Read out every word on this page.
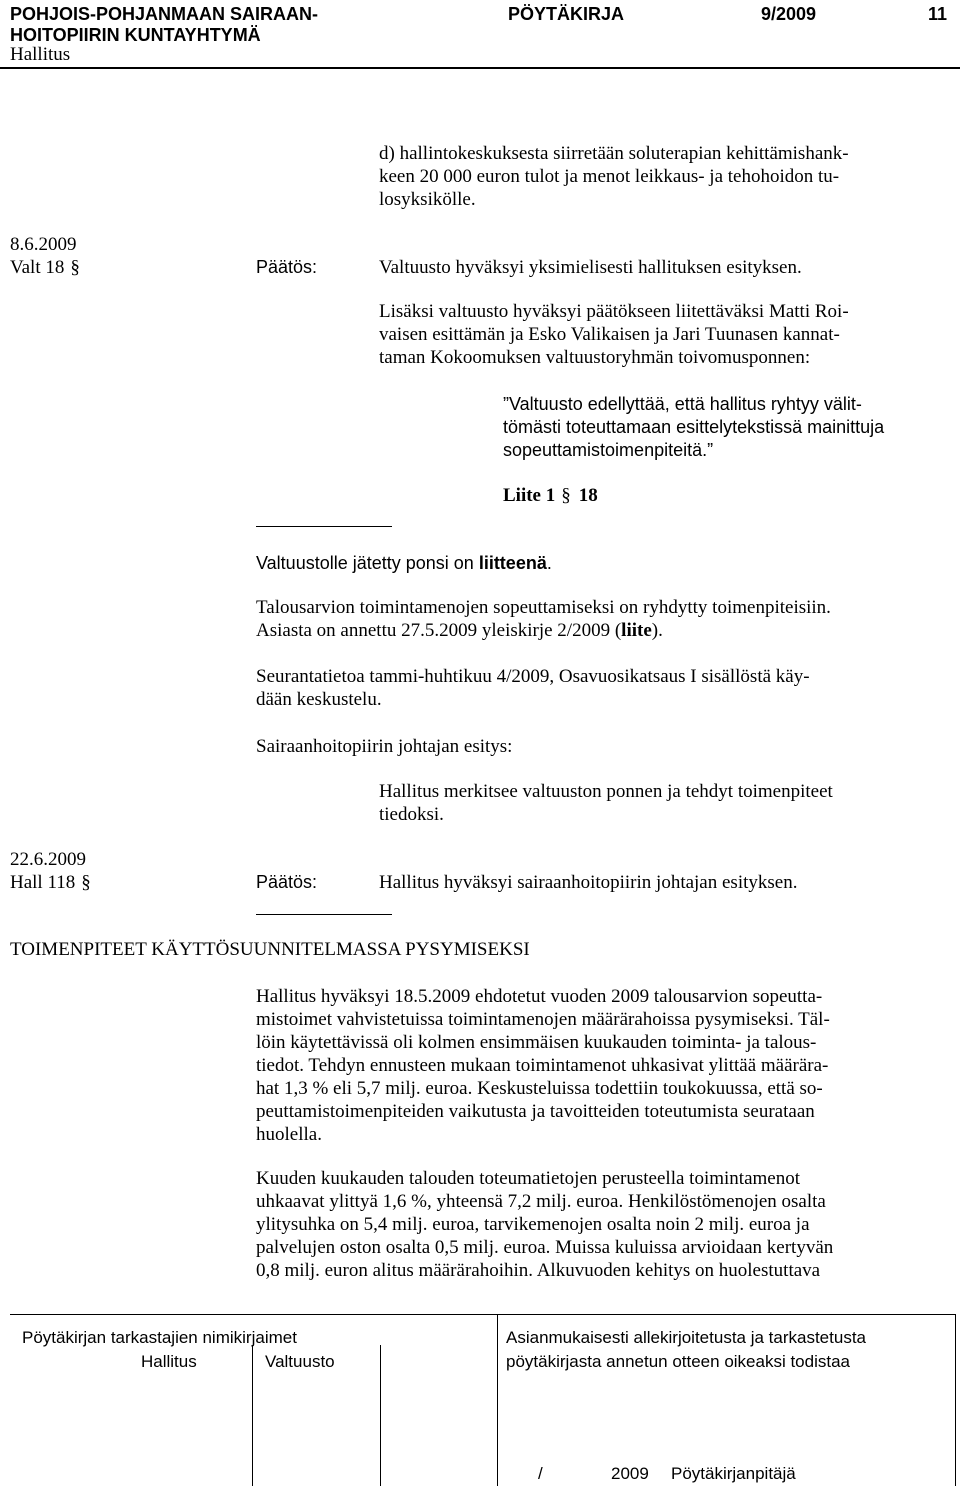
POHJOIS-POHJANMAAN SAIRAAN-
HOITOPIIRIN KUNTAYHTYMÄ
PÖYTÄKIRJA	9/2009	11
Hallitus
d) hallintokeskuksesta siirretään soluterapian kehittämishank-
keen 20 000 euron tulot ja menot leikkaus- ja tehohoidon tu-
losyksikölle.
8.6.2009
Valt 18 §	Päätös:	Valtuusto hyväksyi yksimielisesti hallituksen esityksen.
Lisäksi valtuusto hyväksyi päätökseen liitettäväksi Matti Roi-
vaisen esittämän ja Esko Valikaisen ja Jari Tuunasen kannat-
taman Kokoomuksen valtuustoryhmän toivomusponnen:
”Valtuusto edellyttää, että hallitus ryhtyy välit-
tömästi toteuttamaan esittelytekstissä mainittuja
sopeuttamistoimenpiteitä.”
Liite 1 § 18
Valtuustolle jätetty ponsi on liitteenä.
Talousarvion toimintamenojen sopeuttamiseksi on ryhdytty toimenpiteisiin.
Asiasta on annettu 27.5.2009 yleiskirje 2/2009 (liite).
Seurantatietoa tammi-huhtikuu 4/2009, Osavuosikatsaus I sisällöstä käy-
dään keskustelu.
Sairaanhoitopiirin johtajan esitys:
Hallitus merkitsee valtuuston ponnen ja tehdyt toimenpiteet
tiedoksi.
22.6.2009
Hall 118 §	Päätös:	Hallitus hyväksyi sairaanhoitopiirin johtajan esityksen.
TOIMENPITEET KÄYTTÖSUUNNITELMASSA PYSYMISEKSI
Hallitus hyväksyi 18.5.2009 ehdotetut vuoden 2009 talousarvion sopeutta-
mistoimet vahvistetuissa toimintamenojen määrärahoissa pysymiseksi. Täl-
löin käytettävissä oli kolmen ensimmäisen kuukauden toiminta- ja talous-
tiedot. Tehdyn ennusteen mukaan toimintamenot uhkasivat ylittää määrära-
hat 1,3 % eli 5,7 milj. euroa. Keskusteluissa todettiin toukokuussa, että so-
peuttamistoimenpiteiden vaikutusta ja tavoitteiden toteutumista seurataan
huolella.
Kuuden kuukauden talouden toteumatietojen perusteella toimintamenot
uhkaavat ylittyä 1,6 %, yhteensä 7,2 milj. euroa. Henkilöstömenojen osalta
ylitysuhka on 5,4 milj. euroa, tarvikemenojen osalta noin 2 milj. euroa ja
palvelujen oston osalta 0,5 milj. euroa. Muissa kuluissa arvioidaan kertyvän
0,8 milj. euron alitus määrärahoihin. Alkuvuoden kehitys on huolestuttava
Pöytäkirjan tarkastajien nimikirjaimet
Hallitus	Valtuusto
Asianmukaisesti allekirjoitetusta ja tarkastetusta
pöytäkirjasta annetun otteen oikeaksi todistaa
/	2009 Pöytäkirjanpitäjä
